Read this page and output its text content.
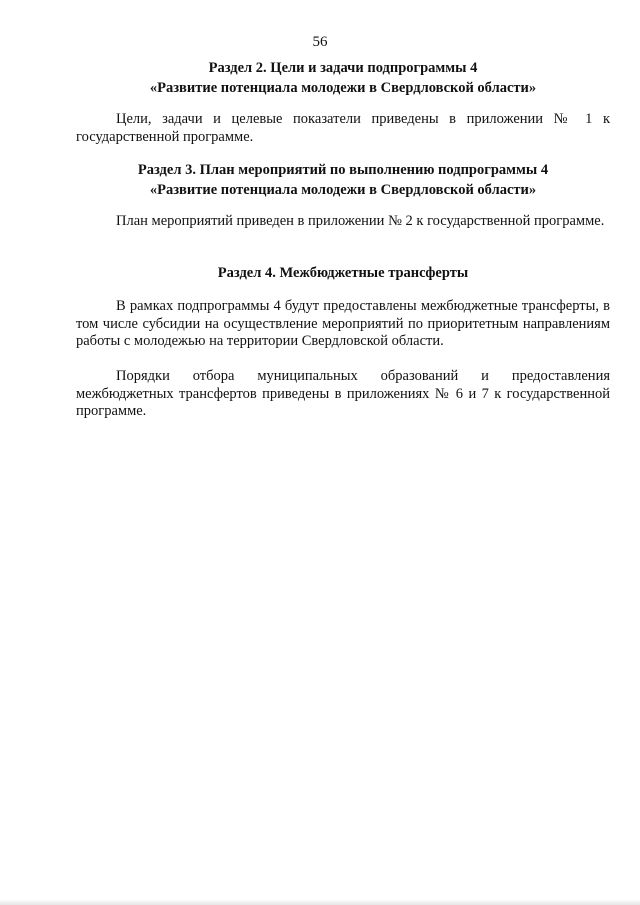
56
Раздел 2. Цели и задачи подпрограммы 4
«Развитие потенциала молодежи в Свердловской области»

Цели, задачи и целевые показатели приведены в приложении № 1 к государственной программе.

Раздел 3. План мероприятий по выполнению подпрограммы 4
«Развитие потенциала молодежи в Свердловской области»

План мероприятий приведен в приложении № 2 к государственной программе.

Раздел 4. Межбюджетные трансферты

В рамках подпрограммы 4 будут предоставлены межбюджетные трансферты, в том числе субсидии на осуществление мероприятий по приоритетным направлениям работы с молодежью на территории Свердловской области.

Порядки отбора муниципальных образований и предоставления межбюджетных трансфертов приведены в приложениях № 6 и 7 к государственной программе.
